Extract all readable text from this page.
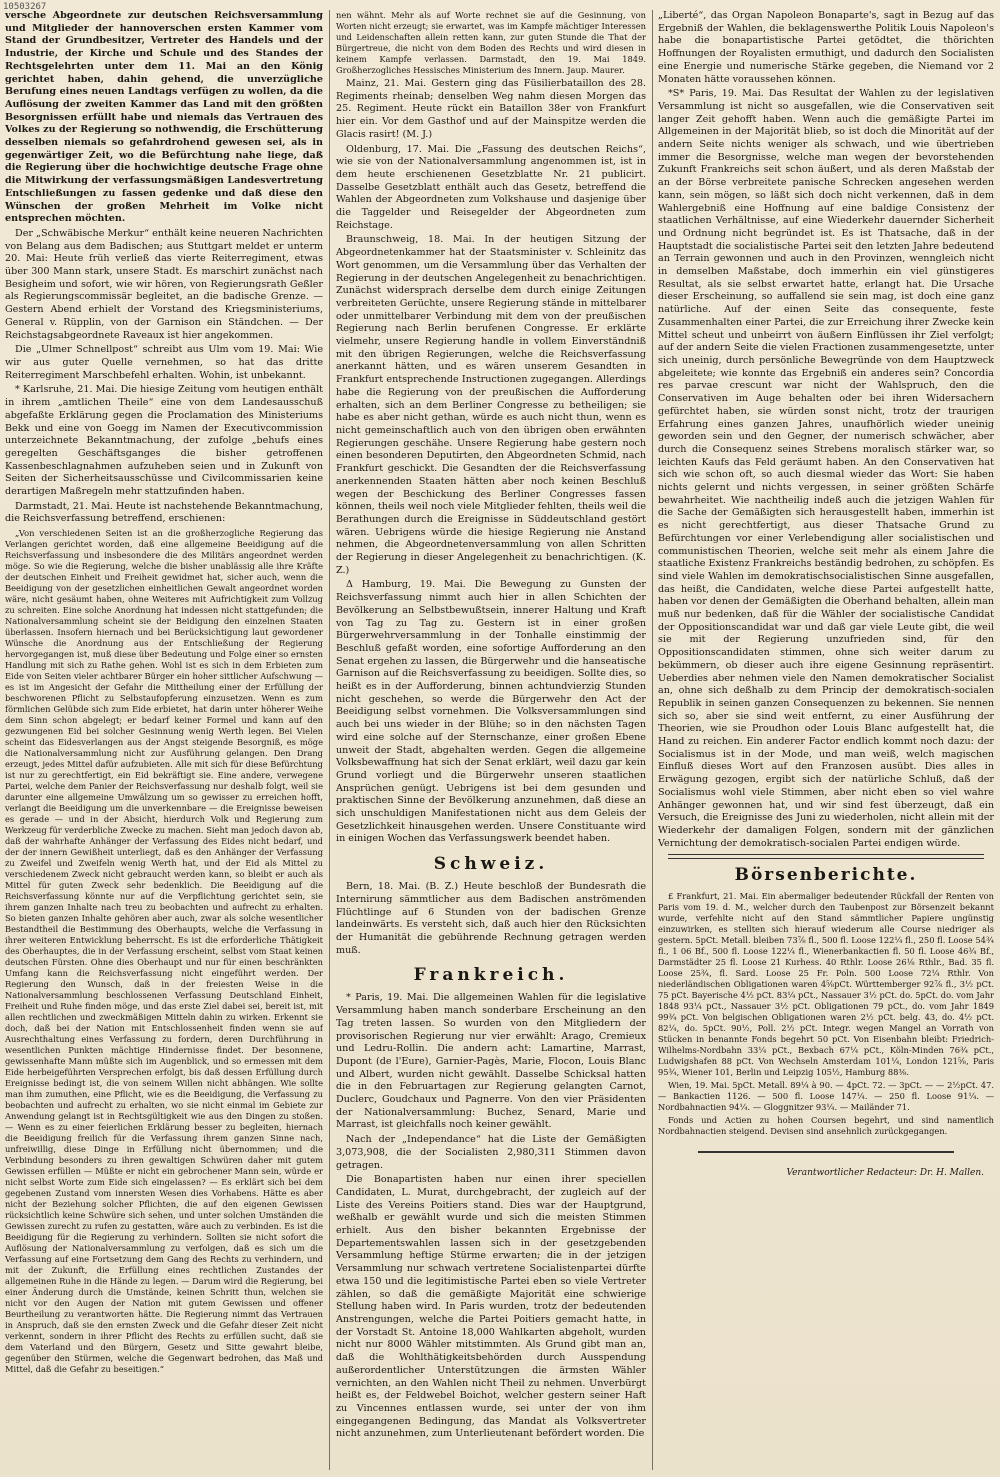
10503267
versche Abgeordnete zur deutschen Reichsversammlung und Mitglieder der hannoverschen ersten Kammer vom Stand der Grundbesitzer, Vertreter des Handels und der Industrie, der Kirche und Schule und des Standes der Rechtsgelehrten unter dem 11. Mai an den König gerichtet haben, dahin gehend, die unverzügliche Berufung eines neuen Landtags verfügen zu wollen, da die Auflösung der zweiten Kammer das Land mit den größten Besorgnissen erfüllt habe und niemals das Vertrauen des Volkes zu der Regierung so nothwendig, die Erschütterung desselben niemals so gefahrdrohend gewesen sei, als in gegenwärtiger Zeit, wo die Befürchtung nahe liege, daß die Regierung über die hochwichtige deutsche Frage ohne die Mitwirkung der verfassungsmäßigen Landesvertretung Entschließungen zu fassen gedenke und daß diese den Wünschen der großen Mehrheit im Volke nicht entsprechen möchten.
Der „Schwäbische Merkur“ enthält keine neueren Nachrichten von Belang aus dem Badischen; aus Stuttgart meldet er unterm 20. Mai: Heute früh verließ das vierte Reiterregiment, etwas über 300 Mann stark, unsere Stadt. Es marschirt zunächst nach Besigheim und sofort, wie wir hören, von Regierungsrath Geßler als Regierungscommissär begleitet, an die badische Grenze. — Gestern Abend erhielt der Vorstand des Kriegsministeriums, General v. Rüpplin, von der Garnison ein Ständchen. — Der Reichstagsabgeordnete Raveaux ist hier angekommen.
Die „Ulmer Schnellpost“ schreibt aus Ulm vom 19. Mai: Wie wir aus guter Quelle vernehmen, so hat das dritte Reiterregiment Marschbefehl erhalten. Wohin, ist unbekannt.
* Karlsruhe, 21. Mai. Die hiesige Zeitung vom heutigen enthält in ihrem „amtlichen Theile“ eine von dem Landesausschuß abgefaßte Erklärung gegen die Proclamation des Ministeriums Bekk und eine von Goegg im Namen der Executivcommission unterzeichnete Bekanntmachung, der zufolge „behufs eines geregelten Geschäftsganges die bisher getroffenen Kassenbeschlagnahmen aufzuheben seien und in Zukunft von Seiten der Sicherheitsausschüsse und Civilcommissarien keine derartigen Maßregeln mehr stattzufinden haben.
Darmstadt, 21. Mai. Heute ist nachstehende Bekanntmachung, die Reichsverfassung betreffend, erschienen:
„Von verschiedenen Seiten ist an die großherzogliche Regierung das Verlangen gerichtet worden, daß eine allgemeine Beeidigung auf die Reichsverfassung und insbesondere die des Militärs angeordnet werden möge. So wie die Regierung, welche die bisher unablässig alle ihre Kräfte der deutschen Einheit und Freiheit gewidmet hat, sicher auch, wenn die Beeidigung von der gesetzlichen einheitlichen Gewalt angeordnet worden wäre, nicht gesäumt haben, ohne Weiteres mit Aufrichtigkeit zum Vollzug zu schreiten. Eine solche Anordnung hat indessen nicht stattgefunden; die Nationalversammlung scheint sie der Beidigung den einzelnen Staaten überlassen. Insofern hiernach und bei Berücksichtigung laut gewordener Wünsche die Anordnung aus der Entschließung der Regierung hervorgegangen ist, muß diese über Bedeutung und Folge einer so ernsten Handlung mit sich zu Rathe gehen. Wohl ist es sich in dem Erbieten zum Eide von Seiten vieler achtbarer Bürger ein hoher sittlicher Aufschwung — es ist im Angesicht der Gefahr die Mittheilung einer der Erfüllung der beschworenen Pflicht zu Selbstaufopferung einzusetzen. Wenn es zum förmlichen Gelübde sich zum Eide erbietet, hat darin unter höherer Weihe dem Sinn schon abgelegt; er bedarf keiner Formel und kann auf den gezwungenen Eid bei solcher Gesinnung wenig Werth legen. Bei Vielen scheint das Eidesverlangen aus der Angst steigende Besorgniß, es möge die Nationalversammlung nicht zur Ausführung gelangen. Den Drang erzeugt, jedes Mittel dafür aufzubieten. Alle mit sich für diese Befürchtung ist nur zu gerechtfertigt, ein Eid bekräftigt sie. Eine andere, verwegene Partei, welche dem Panier der Reichsverfassung nur deshalb folgt, weil sie darunter eine allgemeine Umwälzung um so gewisser zu erreichen hofft, verlangt die Beeidigung um die unverkennbare — die Ereignisse beweisen es gerade — und in der Absicht, hierdurch Volk und Regierung zum Werkzeug für verderbliche Zwecke zu machen. Sieht man jedoch davon ab, daß der wahrhafte Anhänger der Verfassung des Eides nicht bedarf, und der der innern Gewißheit unterliegt, daß es den Anhänger der Verfassung zu Zweifel und Zweifeln wenig Werth hat, und der Eid als Mittel zu verschiedenem Zweck nicht gebraucht werden kann, so bleibt er auch als Mittel für guten Zweck sehr bedenklich. Die Beeidigung auf die Reichsverfassung könnte nur auf die Verpflichtung gerichtet sein, sie ihrem ganzen Inhalte nach treu zu beobachten und aufrecht zu erhalten. So bieten ganzen Inhalte gehören aber auch, zwar als solche wesentlicher Bestandtheil die Bestimmung des Oberhaupts, welche die Verfassung in ihrer weiteren Entwicklung beherrscht. Es ist die erforderliche Thätigkeit des Oberhauptes, die in der Verfassung erscheint, selbst vom Staat keinen deutschen Fürsten. Ohne dies Oberhaupt und nur für einen beschränkten Umfang kann die Reichsverfassung nicht eingeführt werden. Der Regierung den Wunsch, daß in der freiesten Weise in die Nationalversammlung beschlossenen Verfassung Deutschland Einheit, Freiheit und Ruhe finden möge, und das erste Ziel dabei sei, bereit ist, mit allen rechtlichen und zweckmäßigen Mitteln dahin zu wirken. Erkennt sie doch, daß bei der Nation mit Entschlossenheit finden wenn sie auf Ausrechthaltung eines Verfassung zu fordern, deren Durchführung in wesentlichen Punkten mächtige Hindernisse findet. Der besonnene, gewissenhafte Mann müßte sich im Augenblick, und so ermessen mit dem Eide herbeigeführten Versprechen erfolgt, bis daß dessen Erfüllung durch Ereignisse bedingt ist, die von seinem Willen nicht abhängen. Wie sollte man ihm zumuthen, eine Pflicht, wie es die Beeidigung, die Verfassung zu beobachten und aufrecht zu erhalten, wo sie nicht einmal im Gebiete zur Anwendung gelangt ist in Rechtsgültigkeit wie aus den Dingen zu stoßen. — Wenn es zu einer feierlichen Erklärung besser zu begleiten, hiernach die Beeidigung freilich für die Verfassung ihrem ganzen Sinne nach, unfreiwillig, diese Dinge in Erfüllung nicht übernommen; und die Verbindung besonders zu ihren gewaltigen Schwüren daher mit gutem Gewissen erfüllen — Müßte er nicht ein gebrochener Mann sein, würde er nicht selbst Worte zum Eide sich eingelassen? — Es erklärt sich bei dem gegebenen Zustand vom innersten Wesen dies Vorhabens. Hätte es aber nicht der Beziehung solcher Pflichten, die auf den eigenen Gewissen rücksichtlich keine Schwüre sich sehen, und unter solchen Umständen die Gewissen zurecht zu rufen zu gestatten, wäre auch zu verbinden. Es ist die Beeidigung für die Regierung zu verhindern. Sollten sie nicht sofort die Auflösung der Nationalversammlung zu verfolgen, daß es sich um die Verfassung auf eine Fortsetzung dem Gang des Rechts zu verhindern, und mit der Zukunft, die Erfüllung eines rechtlichen Zustandes der allgemeinen Ruhe in die Hände zu legen. — Darum wird die Regierung, bei einer Änderung durch die Umstände, keinen Schritt thun, welchen sie nicht vor den Augen der Nation mit gutem Gewissen und offener Beurtheilung zu verantworten hätte. Die Regierung nimmt das Vertrauen in Anspruch, daß sie den ernsten Zweck und die Gefahr dieser Zeit nicht verkennt, sondern in ihrer Pflicht des Rechts zu erfüllen sucht, daß sie dem Vaterland und den Bürgern, Gesetz und Sitte gewahrt bleibe, gegenüber den Stürmen, welche die Gegenwart bedrohen, das Maß und Mittel, daß die Gefahr zu beseitigen.“
nen wähnt. Mehr als auf Worte rechnet sie auf die Gesinnung, von Worten nicht erzeugt; sie erwartet, was im Kampfe mächtiger Interessen und Leidenschaften allein retten kann, zur guten Stunde die That der Bürgertreue, die nicht von dem Boden des Rechts und wird diesen in keinem Kampfe verlassen. Darmstadt, den 19. Mai 1849. Großherzogliches Hessisches Ministerium des Innern. Jaup. Maurer.
Mainz, 21. Mai. Gestern ging das Füsilierbataillon des 28. Regiments rheinab; denselben Weg nahm diesen Morgen das 25. Regiment. Heute rückt ein Bataillon 38er von Frankfurt hier ein. Vor dem Gasthof und auf der Mainspitze werden die Glacis rasirt! (M. J.)
Oldenburg, 17. Mai. Die „Fassung des deutschen Reichs“, wie sie von der Nationalversammlung angenommen ist, ist in dem heute erschienenen Gesetzblatte Nr. 21 publicirt. Dasselbe Gesetzblatt enthält auch das Gesetz, betreffend die Wahlen der Abgeordneten zum Volkshause und dasjenige über die Taggelder und Reisegelder der Abgeordneten zum Reichstage.
Braunschweig, 18. Mai. In der heutigen Sitzung der Abgeordnetenkammer hat der Staatsminister v. Schleinitz das Wort genommen, um die Versammlung über das Verhalten der Regierung in der deutschen Angelegenheit zu benachrichtigen. Zunächst widersprach derselbe dem durch einige Zeitungen verbreiteten Gerüchte, unsere Regierung stände in mittelbarer oder unmittelbarer Verbindung mit dem von der preußischen Regierung nach Berlin berufenen Congresse. Er erklärte vielmehr, unsere Regierung handle in vollem Einverständniß mit den übrigen Regierungen, welche die Reichsverfassung anerkannt hätten, und es wären unserem Gesandten in Frankfurt entsprechende Instructionen zugegangen. Allerdings habe die Regierung von der preußischen die Aufforderung erhalten, sich an dem Berliner Congresse zu betheiligen; sie habe es aber nicht gethan, würde es auch nicht thun, wenn es nicht gemeinschaftlich auch von den übrigen oben erwähnten Regierungen geschähe. Unsere Regierung habe gestern noch einen besonderen Deputirten, den Abgeordneten Schmid, nach Frankfurt geschickt. Die Gesandten der die Reichsverfassung anerkennenden Staaten hätten aber noch keinen Beschluß wegen der Beschickung des Berliner Congresses fassen können, theils weil noch viele Mitglieder fehlten, theils weil die Berathungen durch die Ereignisse in Süddeutschland gestört wären. Uebrigens würde die hiesige Regierung nie Anstand nehmen, die Abgeordnetenversammlung von allen Schritten der Regierung in dieser Angelegenheit zu benachrichtigen. (K. Z.)
Δ Hamburg, 19. Mai. Die Bewegung zu Gunsten der Reichsverfassung nimmt auch hier in allen Schichten der Bevölkerung an Selbstbewußtsein, innerer Haltung und Kraft von Tag zu Tag zu. Gestern ist in einer großen Bürgerwehrversammlung in der Tonhalle einstimmig der Beschluß gefaßt worden, eine sofortige Aufforderung an den Senat ergehen zu lassen, die Bürgerwehr und die hanseatische Garnison auf die Reichsverfassung zu beeidigen. Sollte dies, so heißt es in der Aufforderung, binnen achtundvierzig Stunden nicht geschehen, so werde die Bürgerwehr den Act der Beeidigung selbst vornehmen. Die Volksversammlungen sind auch bei uns wieder in der Blühe; so in den nächsten Tagen wird eine solche auf der Sternschanze, einer großen Ebene unweit der Stadt, abgehalten werden. Gegen die allgemeine Volksbewaffnung hat sich der Senat erklärt, weil dazu gar kein Grund vorliegt und die Bürgerwehr unseren staatlichen Ansprüchen genügt. Uebrigens ist bei dem gesunden und praktischen Sinne der Bevölkerung anzunehmen, daß diese an sich unschuldigen Manifestationen nicht aus dem Geleis der Gesetzlichkeit hinausgehen werden. Unsere Constituante wird in einigen Wochen das Verfassungswerk beendet haben.
Schweiz.
Bern, 18. Mai. (B. Z.) Heute beschloß der Bundesrath die Internirung sämmtlicher aus dem Badischen anströmenden Flüchtlinge auf 6 Stunden von der badischen Grenze landeinwärts. Es versteht sich, daß auch hier den Rücksichten der Humanität die gebührende Rechnung getragen werden muß.
Frankreich.
* Paris, 19. Mai. Die allgemeinen Wahlen für die legislative Versammlung haben manch sonderbare Erscheinung an den Tag treten lassen. So wurden von den Mitgliedern der provisorischen Regierung nur vier erwählt: Arago, Cremieux und Ledru-Rollin. Die andern acht: Lamartine, Marrast, Dupont (de l'Eure), Garnier-Pagès, Marie, Flocon, Louis Blanc und Albert, wurden nicht gewählt. Dasselbe Schicksal hatten die in den Februartagen zur Regierung gelangten Carnot, Duclerc, Goudchaux und Pagnerre. Von den vier Präsidenten der Nationalversammlung: Buchez, Senard, Marie und Marrast, ist gleichfalls noch keiner gewählt.
Nach der „Independance“ hat die Liste der Gemäßigten 3,073,908, die der Socialisten 2,980,311 Stimmen davon getragen.
Die Bonapartisten haben nur einen ihrer speciellen Candidaten, L. Murat, durchgebracht, der zugleich auf der Liste des Vereins Poitiers stand. Dies war der Hauptgrund, weßhalb er gewählt wurde und sich die meisten Stimmen erhielt. Aus den bisher bekannten Ergebnisse der Departementswahlen lassen sich in der gesetzgebenden Versammlung heftige Stürme erwarten; die in der jetzigen Versammlung nur schwach vertretene Socialistenpartei dürfte etwa 150 und die legitimistische Partei eben so viele Vertreter zählen, so daß die gemäßigte Majorität eine schwierige Stellung haben wird. In Paris wurden, trotz der bedeutenden Anstrengungen, welche die Partei Poitiers gemacht hatte, in der Vorstadt St. Antoine 18,000 Wahlkarten abgeholt, wurden nicht nur 8000 Wähler mitstimmten. Als Grund gibt man an, daß die Wohlthätigkeitsbehörden durch Ausspendung außerordentlicher Unterstützungen die ärmsten Wähler vernichten, an den Wahlen nicht Theil zu nehmen. Unverbürgt heißt es, der Feldwebel Boichot, welcher gestern seiner Haft zu Vincennes entlassen wurde, sei unter der von ihm eingegangenen Bedingung, das Mandat als Volksvertreter nicht anzunehmen, zum Unterlieutenant befördert worden. Die
„Liberté“, das Organ Napoleon Bonaparte's, sagt in Bezug auf das Ergebniß der Wahlen, die beklagenswerthe Politik Louis Napoleon's habe die bonapartistische Partei getödtet, die thörichten Hoffnungen der Royalisten ermuthigt, und dadurch den Socialisten eine Energie und numerische Stärke gegeben, die Niemand vor 2 Monaten hätte voraussehen können.
*S* Paris, 19. Mai. Das Resultat der Wahlen zu der legislativen Versammlung ist nicht so ausgefallen, wie die Conservativen seit langer Zeit gehofft haben. Wenn auch die gemäßigte Partei im Allgemeinen in der Majorität blieb, so ist doch die Minorität auf der andern Seite nichts weniger als schwach, und wie übertrieben immer die Besorgnisse, welche man wegen der bevorstehenden Zukunft Frankreichs seit schon äußert, und als deren Maßstab der an der Börse verbreitete panische Schrecken angesehen werden kann, sein mögen, so läßt sich doch nicht verkennen, daß in dem Wahlergebniß eine Hoffnung auf eine baldige Consistenz der staatlichen Verhältnisse, auf eine Wiederkehr dauernder Sicherheit und Ordnung nicht begründet ist. Es ist Thatsache, daß in der Hauptstadt die socialistische Partei seit den letzten Jahre bedeutend an Terrain gewonnen und auch in den Provinzen, wenngleich nicht in demselben Maßstabe, doch immerhin ein viel günstigeres Resultat, als sie selbst erwartet hatte, erlangt hat. Die Ursache dieser Erscheinung, so auffallend sie sein mag, ist doch eine ganz natürliche. Auf der einen Seite das consequente, feste Zusammenhalten einer Partei, die zur Erreichung ihrer Zwecke kein Mittel scheut und unbeirrt von äußern Einflüssen ihr Ziel verfolgt; auf der andern Seite die vielen Fractionen zusammengesetzte, unter sich uneinig, durch persönliche Bewegründe von dem Hauptzweck abgeleitete; wie konnte das Ergebniß ein anderes sein? Concordia res parvae crescunt war nicht der Wahlspruch, den die Conservativen im Auge behalten oder bei ihren Widersachern gefürchtet haben, sie würden sonst nicht, trotz der traurigen Erfahrung eines ganzen Jahres, unaufhörlich wieder uneinig geworden sein und den Gegner, der numerisch schwächer, aber durch die Consequenz seines Strebens moralisch stärker war, so leichten Kaufs das Feld geräumt haben. An den Conservativen hat sich wie schon oft, so auch diesmal wieder das Wort: Sie haben nichts gelernt und nichts vergessen, in seiner größten Schärfe bewahrheitet. Wie nachtheilig indeß auch die jetzigen Wahlen für die Sache der Gemäßigten sich herausgestellt haben, immerhin ist es nicht gerechtfertigt, aus dieser Thatsache Grund zu Befürchtungen vor einer Verlebendigung aller socialistischen und communistischen Theorien, welche seit mehr als einem Jahre die staatliche Existenz Frankreichs beständig bedrohen, zu schöpfen. Es sind viele Wahlen im demokratischsocialistischen Sinne ausgefallen, das heißt, die Candidaten, welche diese Partei aufgestellt hatte, haben vor denen der Gemäßigten die Oberhand behalten, allein man muß nur bedenken, daß für die Wähler der socialistische Candidat der Oppositionscandidat war und daß gar viele Leute gibt, die weil sie mit der Regierung unzufrieden sind, für den Oppositionscandidaten stimmen, ohne sich weiter darum zu bekümmern, ob dieser auch ihre eigene Gesinnung repräsentirt. Ueberdies aber nehmen viele den Namen demokratischer Socialist an, ohne sich deßhalb zu dem Princip der demokratisch-socialen Republik in seinen ganzen Consequenzen zu bekennen. Sie nennen sich so, aber sie sind weit entfernt, zu einer Ausführung der Theorien, wie sie Proudhon oder Louis Blanc aufgestellt hat, die Hand zu reichen. Ein anderer Factor endlich kommt noch dazu: der Socialismus ist in der Mode, und man weiß, welch magischen Einfluß dieses Wort auf den Franzosen ausübt. Dies alles in Erwägung gezogen, ergibt sich der natürliche Schluß, daß der Socialismus wohl viele Stimmen, aber nicht eben so viel wahre Anhänger gewonnen hat, und wir sind fest überzeugt, daß ein Versuch, die Ereignisse des Juni zu wiederholen, nicht allein mit der Wiederkehr der damaligen Folgen, sondern mit der gänzlichen Vernichtung der demokratisch-socialen Partei endigen würde.
Börsenberichte.
£ Frankfurt, 21. Mai. Ein abermaliger bedeutender Rückfall der Renten von Paris vom 19. d. M., welcher durch den Taubenpost zur Börsenzeit bekannt wurde, verfehlte nicht auf den Stand sämmtlicher Papiere ungünstig einzuwirken, es stellten sich hierauf wiederum alle Course niedriger als gestern. 5pCt. Metall. bleiben 73⅞ fl., 500 fl. Loose 122¼ fl., 250 fl. Loose 54¾ fl., 1 06 Bf., 500 fl. Loose 122¼ fl., Wienerbankactien fl. 50 fl. Loose 46¾ Bf., Darmstädter 25 fl. Loose 21 Kurhess. 40 Rthlr. Loose 26⅛ Rthlr., Bad. 35 fl. Loose 25¾, fl. Sard. Loose 25 Fr. Poln. 500 Loose 72¼ Rthlr. Von niederländischen Obligationen waren 4⅝pCt. Württemberger 92⅞ fl., 3½ pCt. 75 pCt. Bayerische 4½ pCt. 83¼ pCt., Nassauer 3½ pCt. do. 5pCt. do. vom Jahr 1848 93¼ pCt., Nassauer 3½ pCt. Obligationen 79 pCt., do. vom Jahr 1849 99¾ pCt. Von belgischen Obligationen waren 2½ pCt. belg. 43, do. 4½ pCt. 82¼, do. 5pCt. 90½, Poll. 2½ pCt. Integr. wegen Mangel an Vorrath von Stücken in benannte Fonds begehrt 50 pCt. Von Eisenbahn bleibt: Friedrich-Wilhelms-Nordbahn 33¼ pCt., Bexbach 67¼ pCt., Köln-Minden 76¾ pCt., Ludwigshafen 88 pCt. Von Wechseln Amsterdam 101¼, London 121⅝, Paris 95¾, Wiener 101, Berlin und Leipzig 105½, Hamburg 88⅜.
Wien, 19. Mai. 5pCt. Metall. 89¼ à 90. — 4pCt. 72. — 3pCt. — — 2½pCt. 47. — Bankactien 1126. — 500 fl. Loose 147¼. — 250 fl. Loose 91¼. — Nordbahnactien 94¼. — Gloggnitzer 93¼. — Mailänder 71.
Fonds und Actien zu hohen Coursen begehrt, und sind namentlich Nordbahnactien steigend. Devisen sind ansehnlich zurückgegangen.
Verantwortlicher Redacteur: Dr. H. Mallen.
